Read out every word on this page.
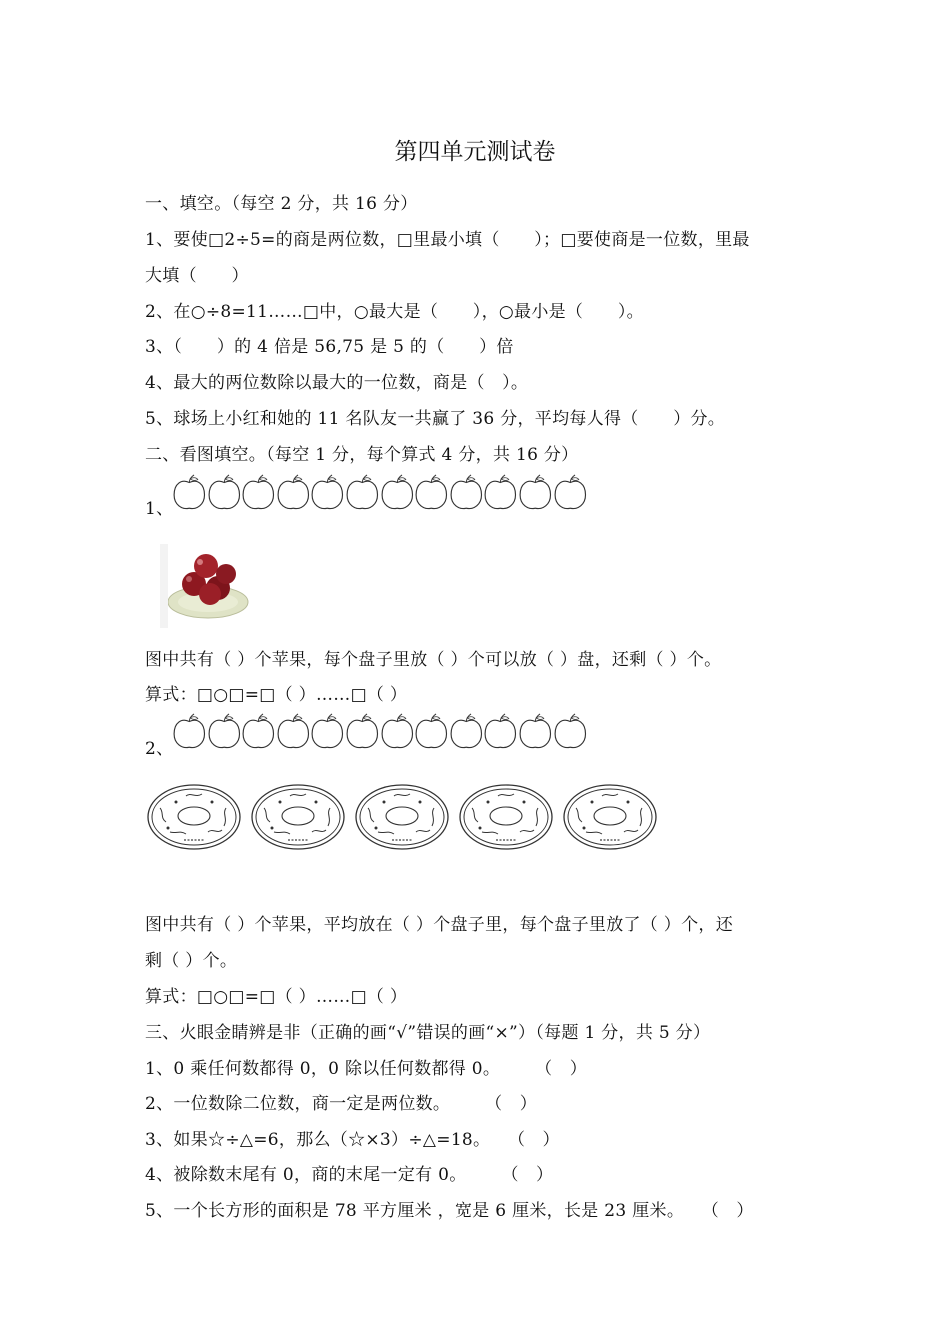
第四单元测试卷
一、填空。（每空 2 分，共 16 分）
1、要使□2÷5=的商是两位数，□里最小填（　　）；□要使商是一位数，里最
大填（　　）
2、在○÷8=11……□中，○最大是（　　），○最小是（　　）。
3、（　　）的 4 倍是 56,75 是 5 的（　　）倍
4、最大的两位数除以最大的一位数，商是（　）。
5、球场上小红和她的 11 名队友一共赢了 36 分，平均每人得（　　）分。
二、看图填空。（每空 1 分，每个算式 4 分，共 16 分）
1、
图中共有（ ）个苹果，每个盘子里放（ ）个可以放（ ）盘，还剩（ ）个。
算式：□○□=□（ ）……□（ ）
2、
图中共有（ ）个苹果，平均放在（ ）个盘子里，每个盘子里放了（ ）个，还
剩（ ）个。
算式：□○□=□（ ）……□（ ）
三、火眼金睛辨是非（正确的画“√”错误的画“×”）（每题 1 分，共 5 分）
1、0 乘任何数都得 0，0 除以任何数都得 0。　　　（　）
2、一位数除二位数，商一定是两位数。　　　（　）
3、如果☆÷△=6，那么（☆×3）÷△=18。　　（　）
4、被除数末尾有 0，商的末尾一定有 0。　　　（　）
5、一个长方形的面积是 78 平方厘米 ，宽是 6 厘米，长是 23 厘米。　　（　）
